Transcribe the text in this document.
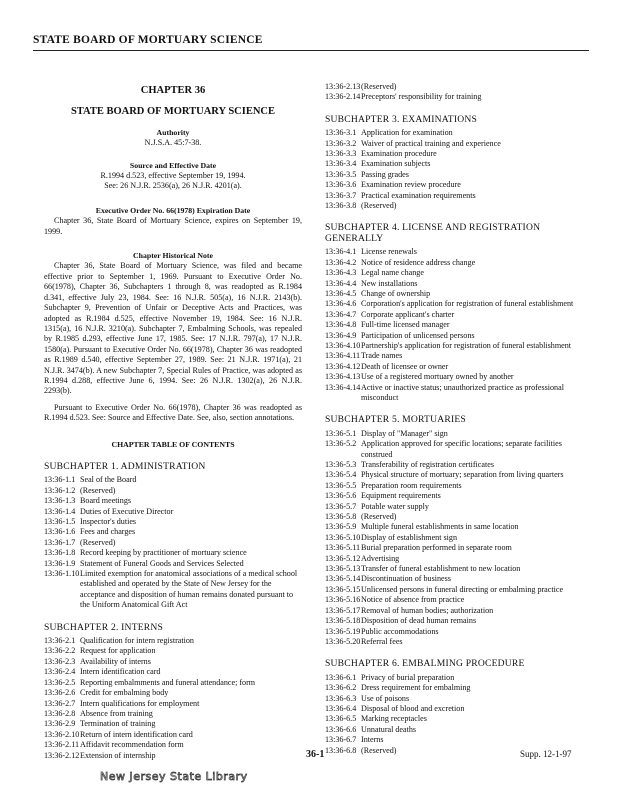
STATE BOARD OF MORTUARY SCIENCE
CHAPTER 36
STATE BOARD OF MORTUARY SCIENCE
Authority
N.J.S.A. 45:7-38.
Source and Effective Date
R.1994 d.523, effective September 19, 1994.
See: 26 N.J.R. 2536(a), 26 N.J.R. 4201(a).
Executive Order No. 66(1978) Expiration Date
Chapter 36, State Board of Mortuary Science, expires on September 19, 1999.
Chapter Historical Note
Chapter 36, State Board of Mortuary Science, was filed and became effective prior to September 1, 1969. Pursuant to Executive Order No. 66(1978), Chapter 36, Subchapters 1 through 8, was readopted as R.1984 d.341, effective July 23, 1984. See: 16 N.J.R. 505(a), 16 N.J.R. 2143(b). Subchapter 9, Prevention of Unfair or Deceptive Acts and Practices, was adopted as R.1984 d.525, effective November 19, 1984. See: 16 N.J.R. 1315(a), 16 N.J.R. 3210(a). Subchapter 7, Embalming Schools, was repealed by R.1985 d.293, effective June 17, 1985. See: 17 N.J.R. 797(a), 17 N.J.R. 1580(a). Pursuant to Executive Order No. 66(1978), Chapter 36 was readopted as R.1989 d.540, effective September 27, 1989. See: 21 N.J.R. 1971(a), 21 N.J.R. 3474(b). A new Subchapter 7, Special Rules of Practice, was adopted as R.1994 d.288, effective June 6, 1994. See: 26 N.J.R. 1302(a), 26 N.J.R. 2293(b).
Pursuant to Executive Order No. 66(1978), Chapter 36 was readopted as R.1994 d.523. See: Source and Effective Date. See, also, section annotations.
CHAPTER TABLE OF CONTENTS
SUBCHAPTER 1. ADMINISTRATION
13:36-1.1 Seal of the Board
13:36-1.2 (Reserved)
13:36-1.3 Board meetings
13:36-1.4 Duties of Executive Director
13:36-1.5 Inspector's duties
13:36-1.6 Fees and charges
13:36-1.7 (Reserved)
13:36-1.8 Record keeping by practitioner of mortuary science
13:36-1.9 Statement of Funeral Goods and Services Selected
13:36-1.10 Limited exemption for anatomical associations of a medical school established and operated by the State of New Jersey for the acceptance and disposition of human remains donated pursuant to the Uniform Anatomical Gift Act
SUBCHAPTER 2. INTERNS
13:36-2.1 Qualification for intern registration
13:36-2.2 Request for application
13:36-2.3 Availability of interns
13:36-2.4 Intern identification card
13:36-2.5 Reporting embalmments and funeral attendance; form
13:36-2.6 Credit for embalming body
13:36-2.7 Intern qualifications for employment
13:36-2.8 Absence from training
13:36-2.9 Termination of training
13:36-2.10 Return of intern identification card
13:36-2.11 Affidavit recommendation form
13:36-2.12 Extension of internship
13:36-2.13 (Reserved)
13:36-2.14 Preceptors' responsibility for training
SUBCHAPTER 3. EXAMINATIONS
13:36-3.1 Application for examination
13:36-3.2 Waiver of practical training and experience
13:36-3.3 Examination procedure
13:36-3.4 Examination subjects
13:36-3.5 Passing grades
13:36-3.6 Examination review procedure
13:36-3.7 Practical examination requirements
13:36-3.8 (Reserved)
SUBCHAPTER 4. LICENSE AND REGISTRATION GENERALLY
13:36-4.1 License renewals
13:36-4.2 Notice of residence address change
13:36-4.3 Legal name change
13:36-4.4 New installations
13:36-4.5 Change of ownership
13:36-4.6 Corporation's application for registration of funeral establishment
13:36-4.7 Corporate applicant's charter
13:36-4.8 Full-time licensed manager
13:36-4.9 Participation of unlicensed persons
13:36-4.10 Partnership's application for registration of funeral establishment
13:36-4.11 Trade names
13:36-4.12 Death of licensee or owner
13:36-4.13 Use of a registered mortuary owned by another
13:36-4.14 Active or inactive status; unauthorized practice as professional misconduct
SUBCHAPTER 5. MORTUARIES
13:36-5.1 Display of "Manager" sign
13:36-5.2 Application approved for specific locations; separate facilities construed
13:36-5.3 Transferability of registration certificates
13:36-5.4 Physical structure of mortuary; separation from living quarters
13:36-5.5 Preparation room requirements
13:36-5.6 Equipment requirements
13:36-5.7 Potable water supply
13:36-5.8 (Reserved)
13:36-5.9 Multiple funeral establishments in same location
13:36-5.10 Display of establishment sign
13:36-5.11 Burial preparation performed in separate room
13:36-5.12 Advertising
13:36-5.13 Transfer of funeral establishment to new location
13:36-5.14 Discontinuation of business
13:36-5.15 Unlicensed persons in funeral directing or embalming practice
13:36-5.16 Notice of absence from practice
13:36-5.17 Removal of human bodies; authorization
13:36-5.18 Disposition of dead human remains
13:36-5.19 Public accommodations
13:36-5.20 Referral fees
SUBCHAPTER 6. EMBALMING PROCEDURE
13:36-6.1 Privacy of burial preparation
13:36-6.2 Dress requirement for embalming
13:36-6.3 Use of poisons
13:36-6.4 Disposal of blood and excretion
13:36-6.5 Marking receptacles
13:36-6.6 Unnatural deaths
13:36-6.7 Interns
13:36-6.8 (Reserved)
36-1	Supp. 12-1-97
New Jersey State Library
